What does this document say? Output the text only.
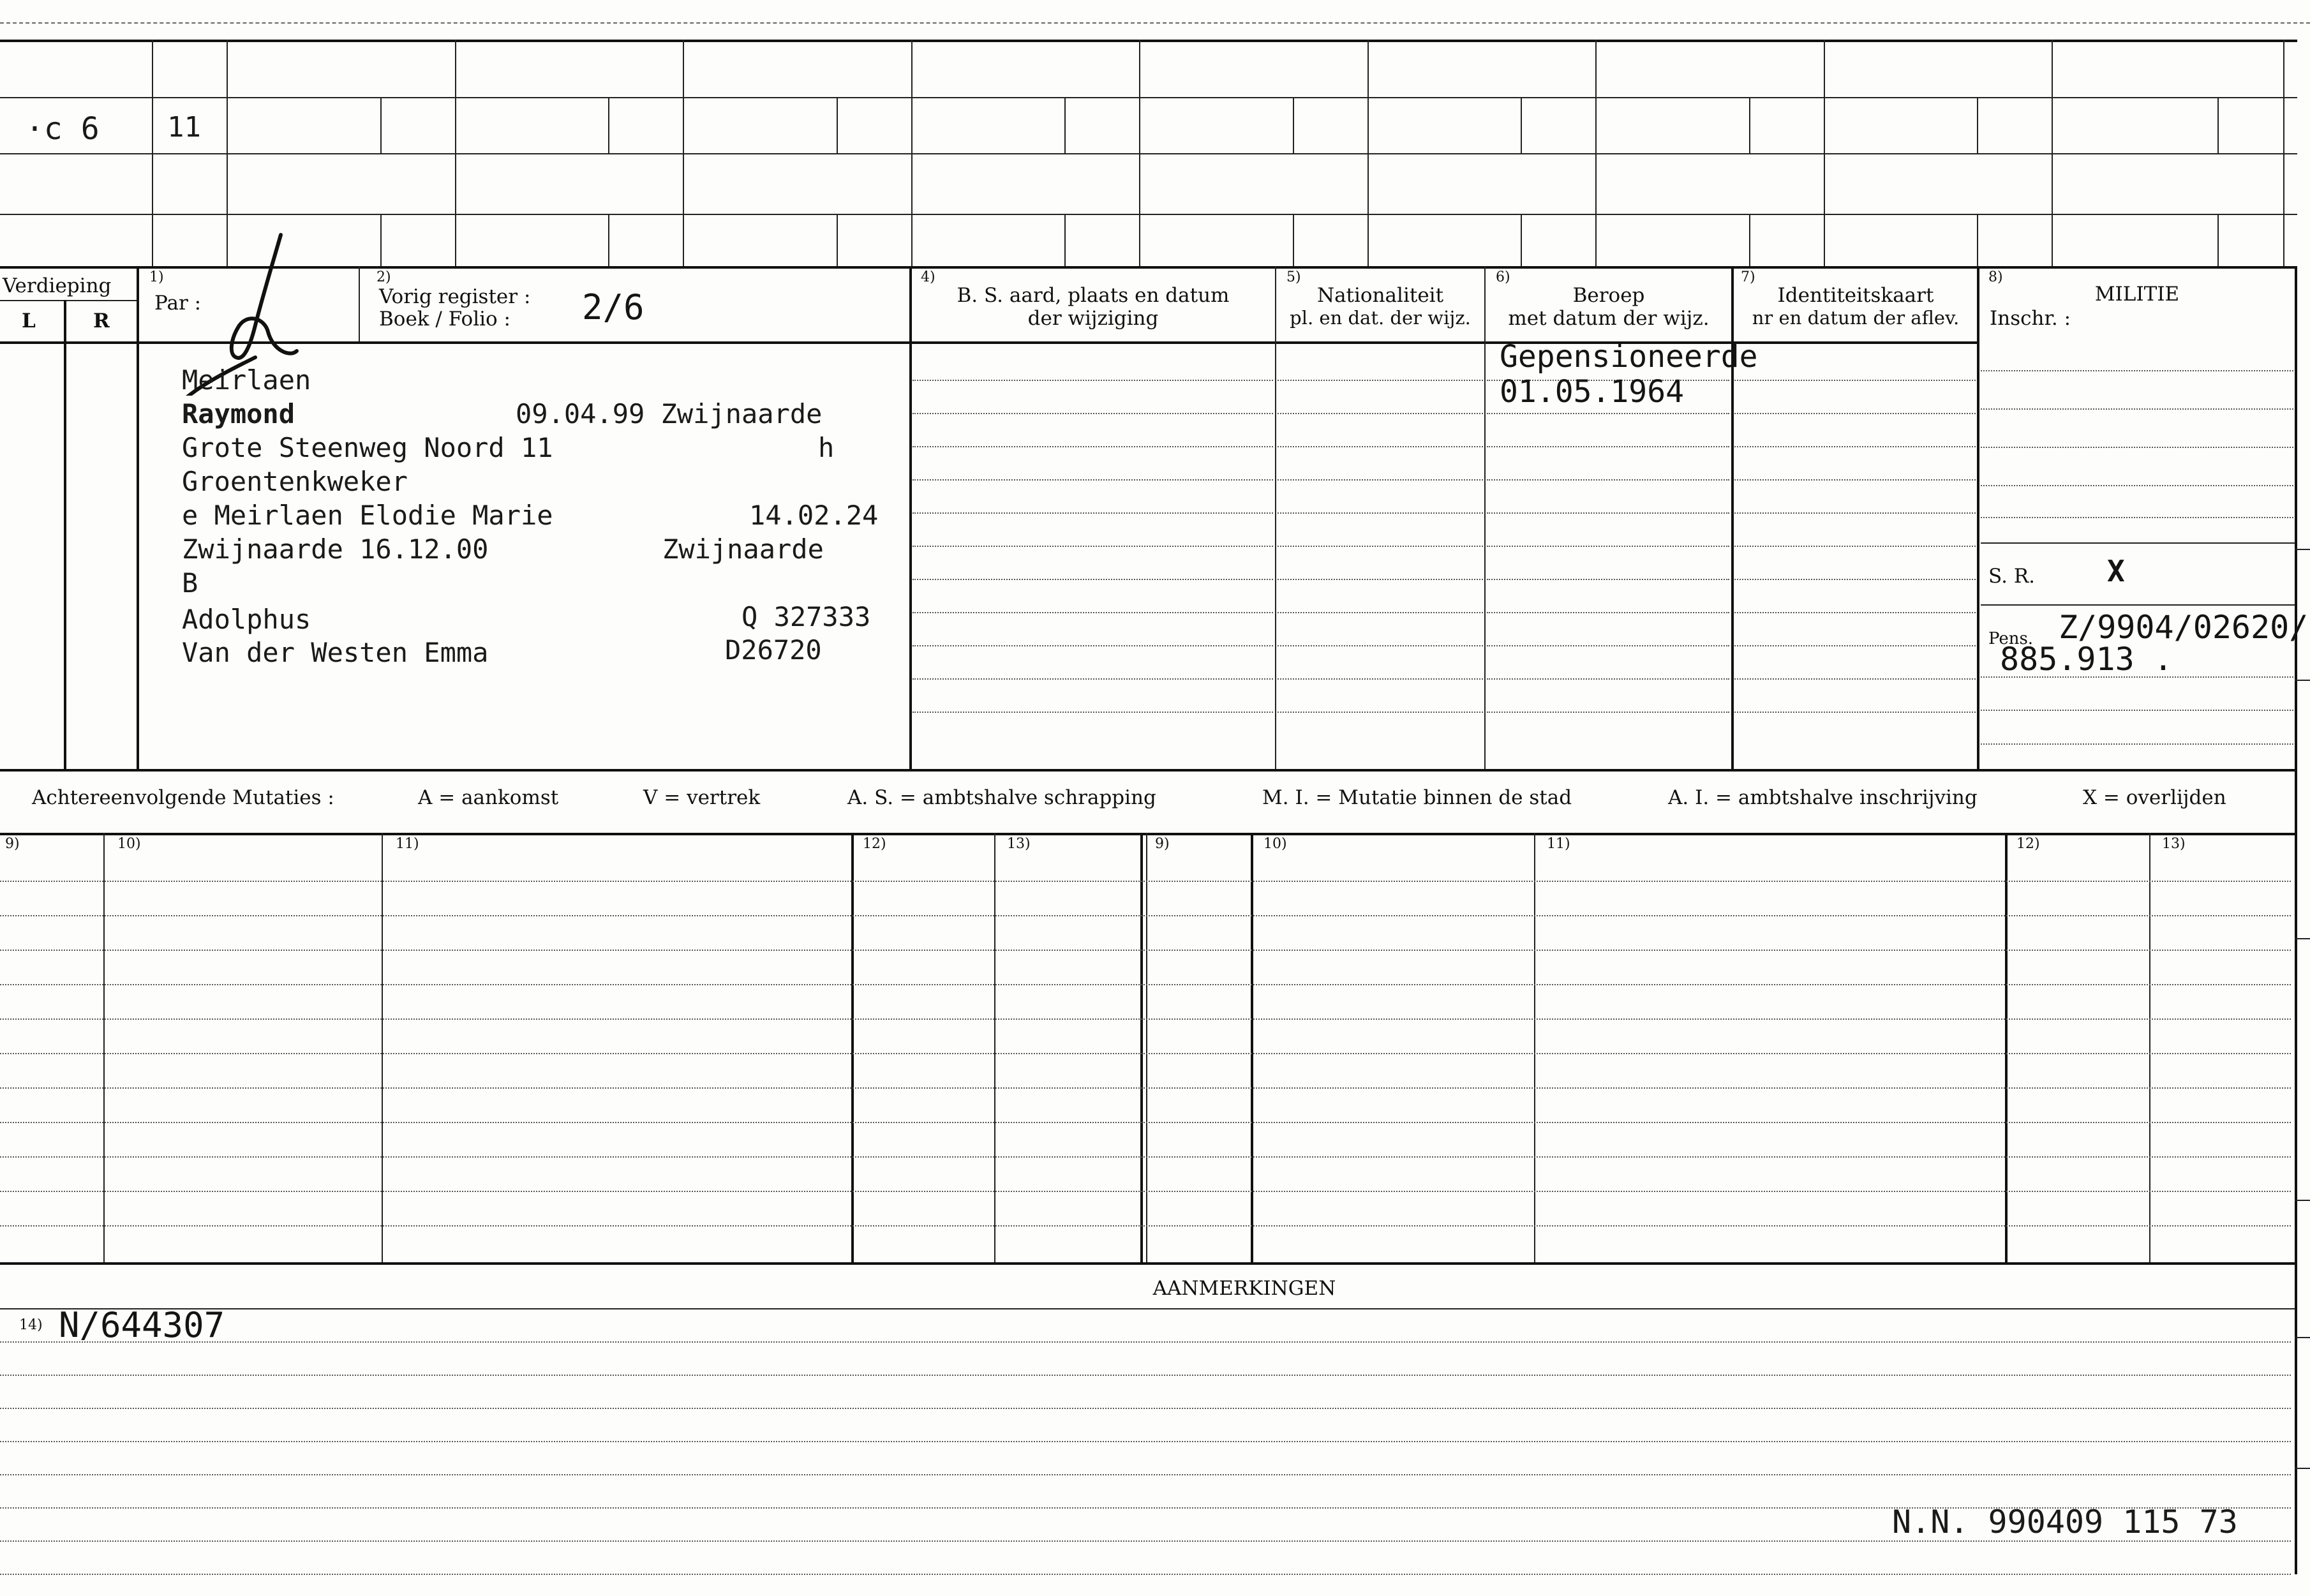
·c 6 11
Verdieping
L	R
1)
Par :
2)
Vorig register :
Boek / Folio : 2/6
4)
B. S. aard, plaats en datum
der wijziging
5)
Nationaliteit
pl. en dat. der wijz.
6)
Beroep
met datum der wijz.
7)
Identiteitskaart
nr en datum der aflev.
8)
MILITIE
Inschr. :
Meirlaen
Raymond	09.04.99 Zwijnaarde
Grote Steenweg Noord 11	h
Groentenkweker
e Meirlaen Elodie Marie	14.02.24
Zwijnaarde 16.12.00	Zwijnaarde
B
Adolphus	Q 327333
Van der Westen Emma	D26720
Gepensioneerde
01.05.1964
S. R. X
Pens. Z/9904/02620/
885.913 .
Achtereenvolgende Mutaties :	A = aankomst	V = vertrek	A. S. = ambtshalve schrapping	M. I. = Mutatie binnen de stad	A. I. = ambtshalve inschrijving	X = overlijden
9)	10)	11)	12)	13)	9)	10)	11)	12)	13)
AANMERKINGEN
14) N/644307
N.N. 990409 115 73
